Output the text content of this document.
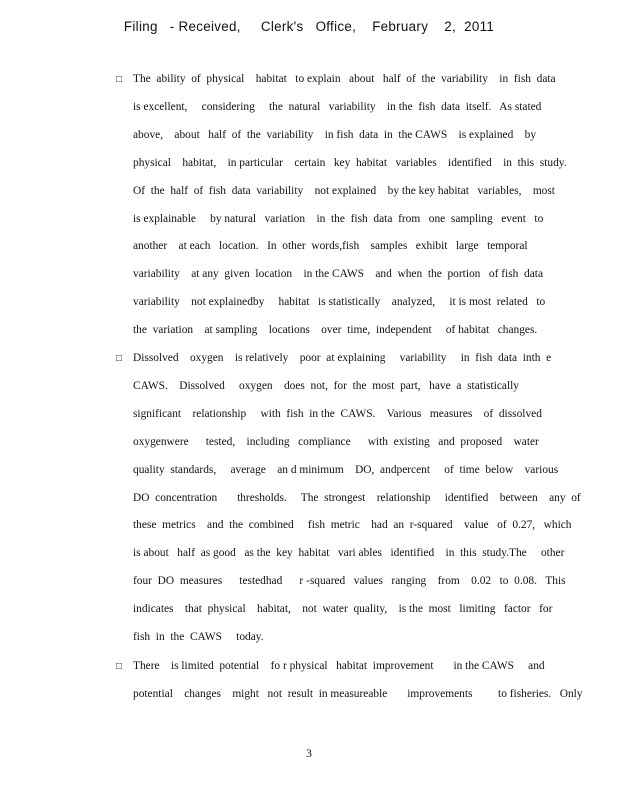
Filing   - Received,     Clerk's   Office,    February    2,  2011
□ The  ability  of  physical    habitat   to explain   about   half  of  the  variability    in  fish  data
is excellent,     considering     the  natural   variability    in the  fish  data  itself.   As stated
above,    about   half  of  the  variability    in fish  data  in  the CAWS    is explained    by
physical    habitat,    in particular    certain   key  habitat   variables    identified    in  this  study.
Of  the  half  of  fish  data  variability    not explained    by the key habitat   variables,    most
is explainable     by natural   variation    in  the  fish  data  from   one  sampling   event   to
another    at each   location.   In  other  words,fish    samples   exhibit   large   temporal
variability    at any  given  location    in the CAWS    and  when  the  portion   of fish  data
variability    not explainedby     habitat   is statistically    analyzed,     it is most  related   to
the  variation    at sampling    locations    over  time,  independent     of habitat   changes.
□ Dissolved    oxygen    is relatively    poor  at explaining     variability     in  fish  data  inth  e
CAWS.    Dissolved     oxygen    does  not,  for  the  most  part,   have  a  statistically
significant    relationship     with  fish  in the  CAWS.    Various   measures    of  dissolved
oxygenwere      tested,    including   compliance      with  existing   and  proposed    water
quality  standards,     average    an d minimum    DO,  andpercent     of  time  below    various
DO  concentration       thresholds.     The  strongest    relationship     identified    between    any  of
these  metrics    and  the  combined     fish  metric    had  an  r-squared    value   of  0.27,   which
is about   half  as good   as the  key  habitat   vari ables   identified    in  this  study.The     other
four  DO  measures      testedhad      r -squared   values   ranging    from    0.02   to  0.08.   This
indicates    that  physical    habitat,    not  water  quality,    is the  most   limiting   factor   for
fish  in  the  CAWS     today.
□ There    is limited  potential    fo r physical   habitat  improvement       in the CAWS     and
potential    changes    might   not  result  in measureable       improvements         to fisheries.   Only
3
